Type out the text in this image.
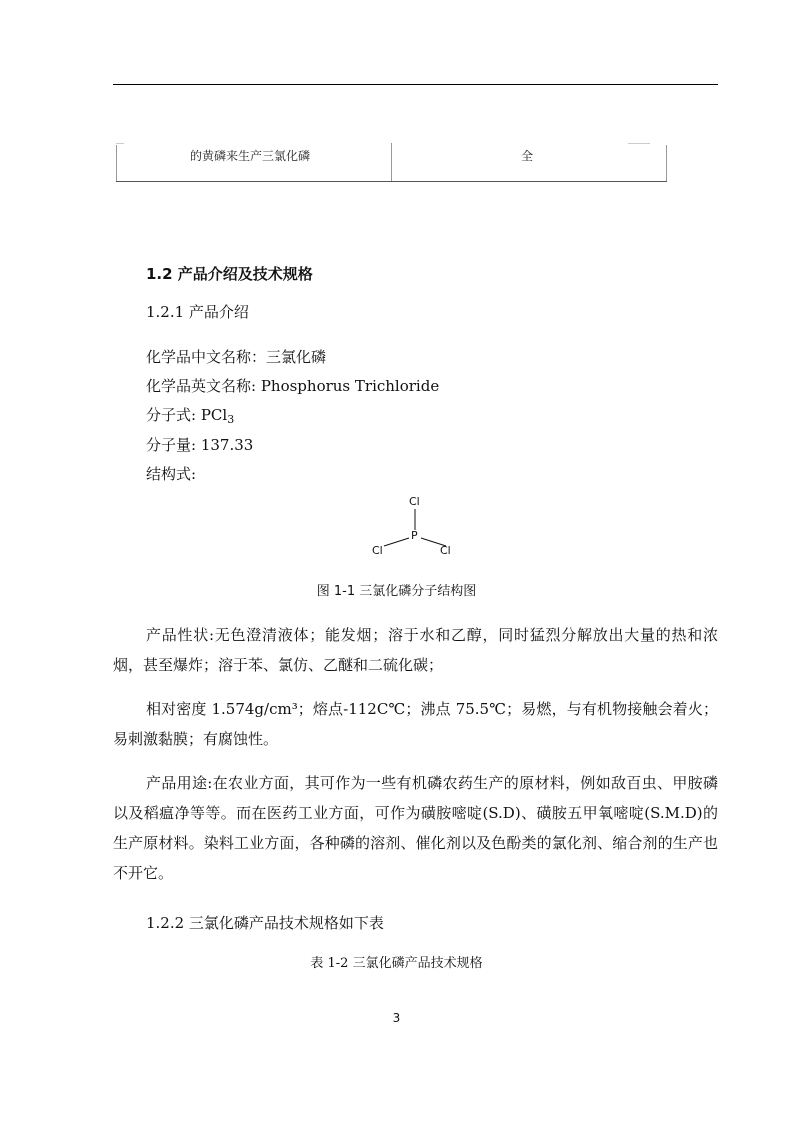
的黄磷来生产三氯化磷	全
1.2 产品介绍及技术规格
1.2.1 产品介绍
化学品中文名称：三氯化磷
化学品英文名称: Phosphorus Trichloride
分子式: PCl$_3$
分子量: 137.33
结构式:
Cl
P
Cl	Cl
图 1-1 三氯化磷分子结构图
产品性状:无色澄清液体；能发烟；溶于水和乙醇，同时猛烈分解放出大量的热和浓烟，甚至爆炸；溶于苯、氯仿、乙醚和二硫化碳；
相对密度 1.574g/cm³；熔点-112C℃；沸点 75.5℃；易燃，与有机物接触会着火；易刺激黏膜；有腐蚀性。
产品用途:在农业方面，其可作为一些有机磷农药生产的原材料，例如敌百虫、甲胺磷以及稻瘟净等等。而在医药工业方面，可作为磺胺嘧啶(S.D)、磺胺五甲氧嘧啶(S.M.D)的生产原材料。染料工业方面，各种磷的溶剂、催化剂以及色酚类的氯化剂、缩合剂的生产也不开它。
1.2.2 三氯化磷产品技术规格如下表
表 1-2 三氯化磷产品技术规格
3
